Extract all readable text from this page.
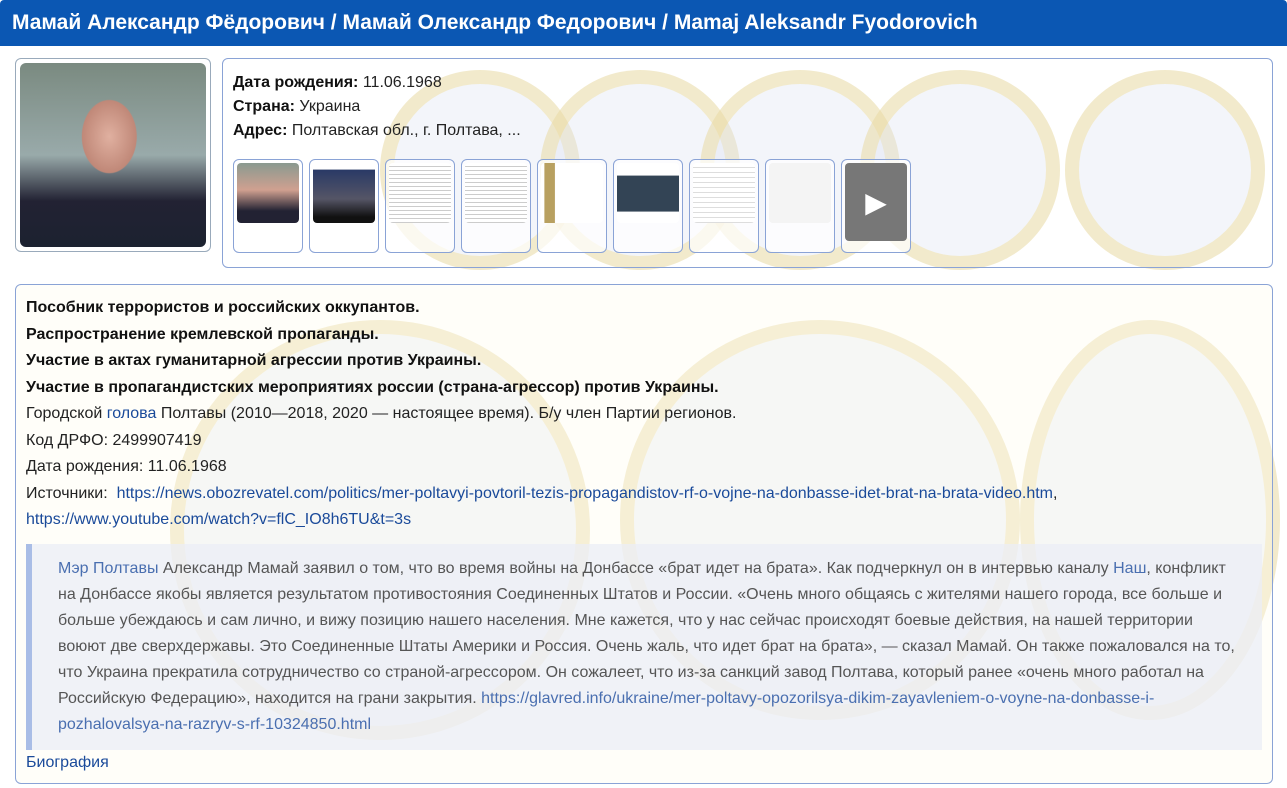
Мамай Александр Фёдорович / Мамай Олександр Федорович / Mamaj Aleksandr Fyodorovich

Дата рождения: 11.06.1968

Страна: Украина

Адрес: Полтавская обл., г. Полтава, ...

▶
Пособник террористов и российских оккупантов.
Распространение кремлевской пропаганды.
Участие в актах гуманитарной агрессии против Украины.
Участие в пропагандистских мероприятиях россии (страна-агрессор) против Украины.
Городской голова Полтавы (2010—2018, 2020 — настоящее время). Б/у член Партии регионов.
Код ДРФО: 2499907419
Дата рождения: 11.06.1968
Источники: https://news.obozrevatel.com/politics/mer-poltavyi-povtoril-tezis-propagandistov-rf-o-vojne-na-donbasse-idet-brat-na-brata-video.htm,
https://www.youtube.com/watch?v=flC_IO8h6TU&t=3s
Мэр Полтавы Александр Мамай заявил о том, что во время войны на Донбассе «брат идет на брата». Как подчеркнул он в интервью каналу Наш, конфликт на Донбассе якобы является результатом противостояния Соединенных Штатов и России. «Очень много общаясь с жителями нашего города, все больше и больше убеждаюсь и сам лично, и вижу позицию нашего населения. Мне кажется, что у нас сейчас происходят боевые действия, на нашей территории воюют две сверхдержавы. Это Соединенные Штаты Америки и Россия. Очень жаль, что идет брат на брата», — сказал Мамай. Он также пожаловался на то, что Украина прекратила сотрудничество со страной-агрессором. Он сожалеет, что из-за санкций завод Полтава, который ранее «очень много работал на Российскую Федерацию», находится на грани закрытия. https://glavred.info/ukraine/mer-poltavy-opozorilsya-dikim-zayavleniem-o-voyne-na-donbasse-i-pozhalovalsya-na-razryv-s-rf-10324850.html
Биография
